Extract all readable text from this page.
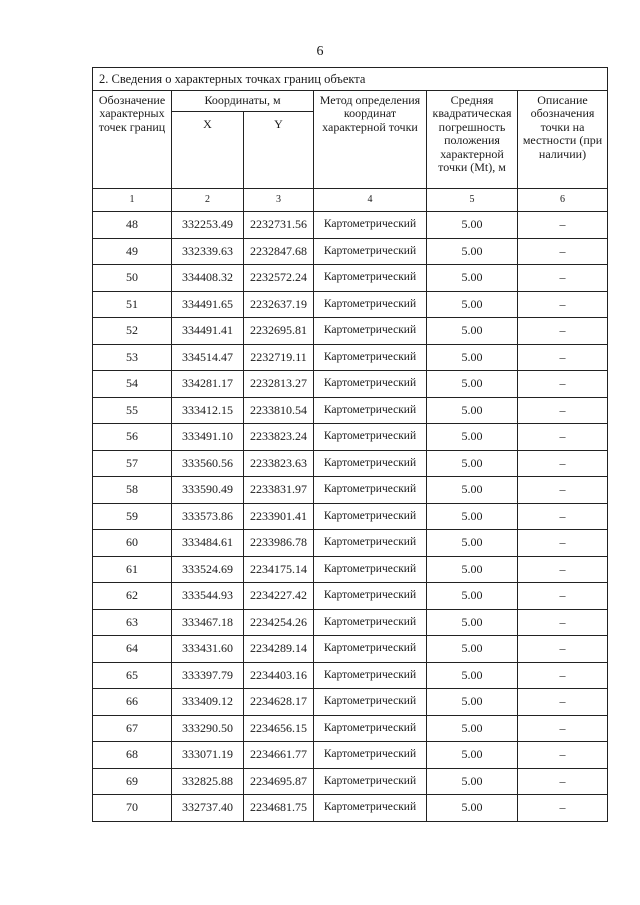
6
2. Сведения о характерных точках границ объекта					
Обозначение характерных точек границ	Координаты, м		Метод определения координат характерной точки	Средняя квадратическая погрешность положения характерной точки (Mt), м	Описание обозначения точки на местности (при наличии)
	X	Y			
1	2	3	4	5	6
48	332253.49	2232731.56	Картометрический	5.00	–
49	332339.63	2232847.68	Картометрический	5.00	–
50	334408.32	2232572.24	Картометрический	5.00	–
51	334491.65	2232637.19	Картометрический	5.00	–
52	334491.41	2232695.81	Картометрический	5.00	–
53	334514.47	2232719.11	Картометрический	5.00	–
54	334281.17	2232813.27	Картометрический	5.00	–
55	333412.15	2233810.54	Картометрический	5.00	–
56	333491.10	2233823.24	Картометрический	5.00	–
57	333560.56	2233823.63	Картометрический	5.00	–
58	333590.49	2233831.97	Картометрический	5.00	–
59	333573.86	2233901.41	Картометрический	5.00	–
60	333484.61	2233986.78	Картометрический	5.00	–
61	333524.69	2234175.14	Картометрический	5.00	–
62	333544.93	2234227.42	Картометрический	5.00	–
63	333467.18	2234254.26	Картометрический	5.00	–
64	333431.60	2234289.14	Картометрический	5.00	–
65	333397.79	2234403.16	Картометрический	5.00	–
66	333409.12	2234628.17	Картометрический	5.00	–
67	333290.50	2234656.15	Картометрический	5.00	–
68	333071.19	2234661.77	Картометрический	5.00	–
69	332825.88	2234695.87	Картометрический	5.00	–
70	332737.40	2234681.75	Картометрический	5.00	–
